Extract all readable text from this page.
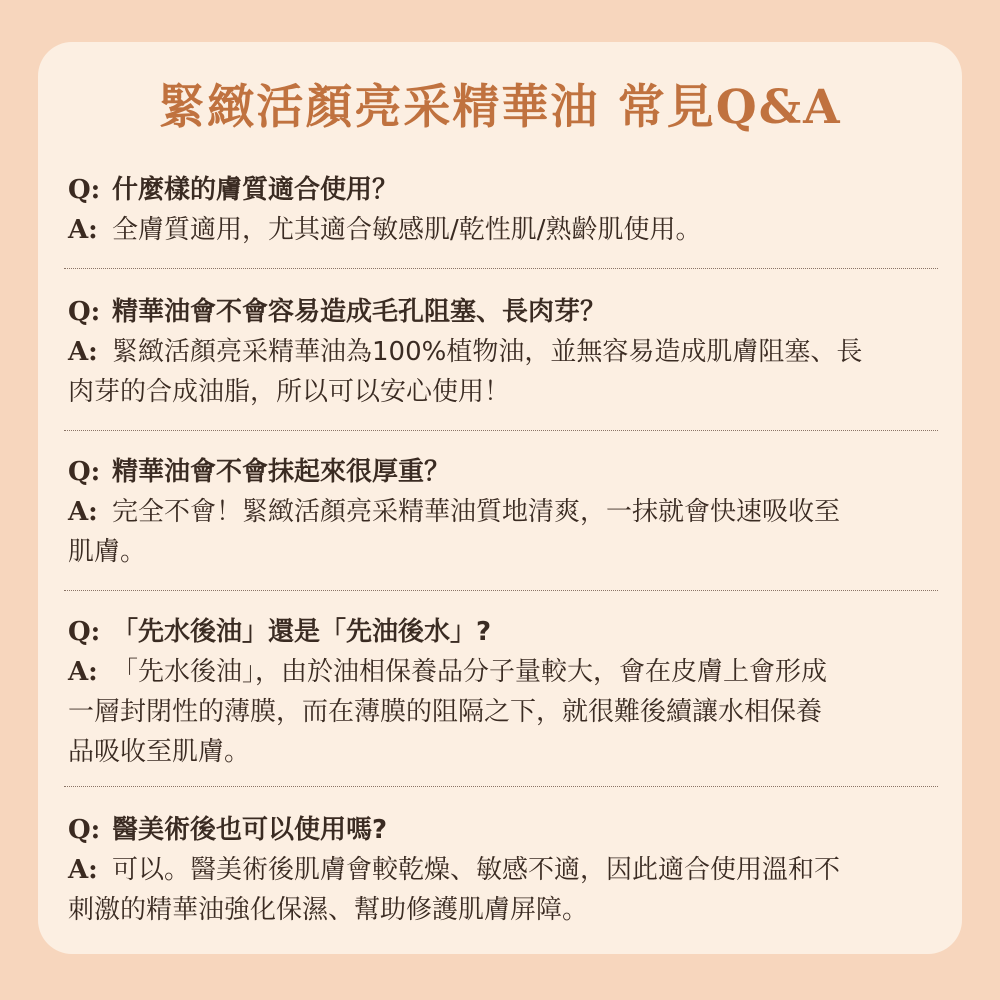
緊緻活顏亮采精華油 常見Q&A

Q: 什麼樣的膚質適合使用？

A: 全膚質適用，尤其適合敏感肌/乾性肌/熟齡肌使用。

Q: 精華油會不會容易造成毛孔阻塞、長肉芽？

A: 緊緻活顏亮采精華油為100%植物油，並無容易造成肌膚阻塞、長

肉芽的合成油脂，所以可以安心使用！

Q: 精華油會不會抹起來很厚重？

A: 完全不會！緊緻活顏亮采精華油質地清爽，一抹就會快速吸收至

肌膚。

Q: 「先水後油」還是「先油後水」?

A: 「先水後油」，由於油相保養品分子量較大，會在皮膚上會形成

一層封閉性的薄膜，而在薄膜的阻隔之下，就很難後續讓水相保養

品吸收至肌膚。

Q: 醫美術後也可以使用嗎?

A: 可以。醫美術後肌膚會較乾燥、敏感不適，因此適合使用溫和不

刺激的精華油強化保濕、幫助修護肌膚屏障。
